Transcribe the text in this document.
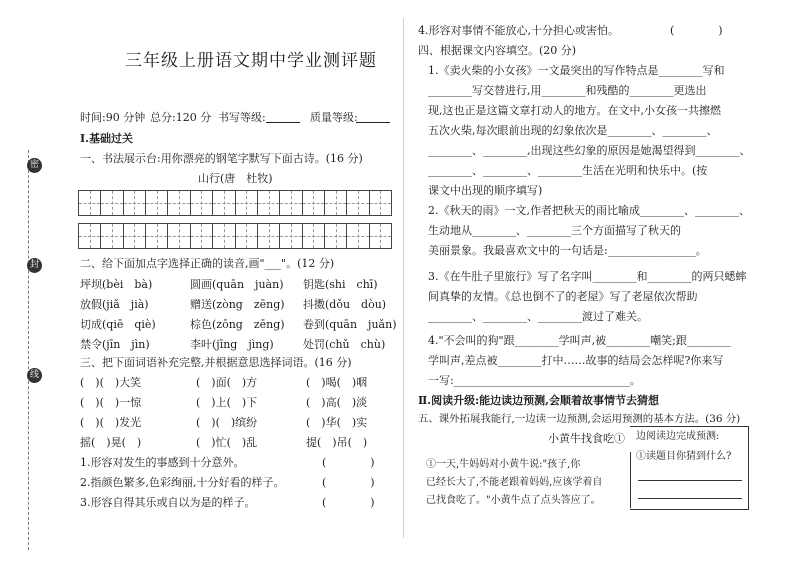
密
封
线
三年级上册语文期中学业测评题
时间:90 分钟 总分:120 分 书写等级:	质量等级:
Ⅰ.基础过关
一、书法展示台:用你漂亮的钢笔字默写下面古诗。(16 分)
山行(唐　杜牧)
二、给下面加点字选择正确的读音,画"___"。(12 分)
坪坝(bèi　bà)	圆画(quān　juàn) 钥匙(shi　chī)
放假(jiǎ　jià)	赠送(zòng　zēng) 抖擞(dǒu　dòu)
切成(qiē　qiè)	棕色(zōng　zēng) 卷到(quān　juǎn)
禁令(jīn　jìn)	李叶(jīng　jìng)	处罚(chǔ　chù)
三、把下面词语补充完整,并根据意思选择词语。(16 分)
(　)(　)大笑	(　)面(　)方	(　)喝(　)咽
(　)(　)一惊	(　)上(　)下	(　)高(　)淡
(　)(　)发光	(　)(　)缤纷	(　)华(　)实
摇(　)晃(　)	(　)忙(　)乱	提(　)吊(　)
1.形容对发生的事感到十分意外。	(　　　　)
2.指颜色繁多,色彩绚丽,十分好看的样子。	(　　　　)
3.形容自得其乐或自以为是的样子。	(　　　　)
4.形容对事情不能放心,十分担心或害怕。	(　　　　)
四、根据课文内容填空。(20 分)
1.《卖火柴的小女孩》一文最突出的写作特点是________写和
________写交替进行,用________和残酷的________更选出
现,这也正是这篇文章打动人的地方。在文中,小女孩一共擦燃
五次火柴,每次眼前出现的幻象依次是________、________、
________、________,出现这些幻象的原因是她渴望得到________、
________、________、________生活在光明和快乐中。(按
课文中出现的顺序填写)
2.《秋天的雨》一文,作者把秋天的雨比喻成________、________、
生动地从________、________三个方面描写了秋天的
美丽景象。我最喜欢文中的一句话是:________________。
3.《在牛肚子里旅行》写了名字叫________和________的两只蟋蟀
间真挚的友情。《总也倒不了的老屋》写了老屋依次帮助
________、________、________渡过了难关。
4."不会叫的狗"跟________学叫声,被________嘲笑;跟________
学叫声,差点被________打中……故事的结局会怎样呢?你来写
一写:________________________________。
Ⅱ.阅读升级:能边读边预测,会顺着故事情节去猜想
五、课外拓展我能行,一边读一边预测,会运用预测的基本方法。(36 分)
小黄牛找食吃①
①一天,牛妈妈对小黄牛说:"孩子,你
已经长大了,不能老跟着妈妈,应该学着自
己找食吃了。"小黄牛点了点头答应了。
边阅读边完成预测:
①读题目你猜到什么?
